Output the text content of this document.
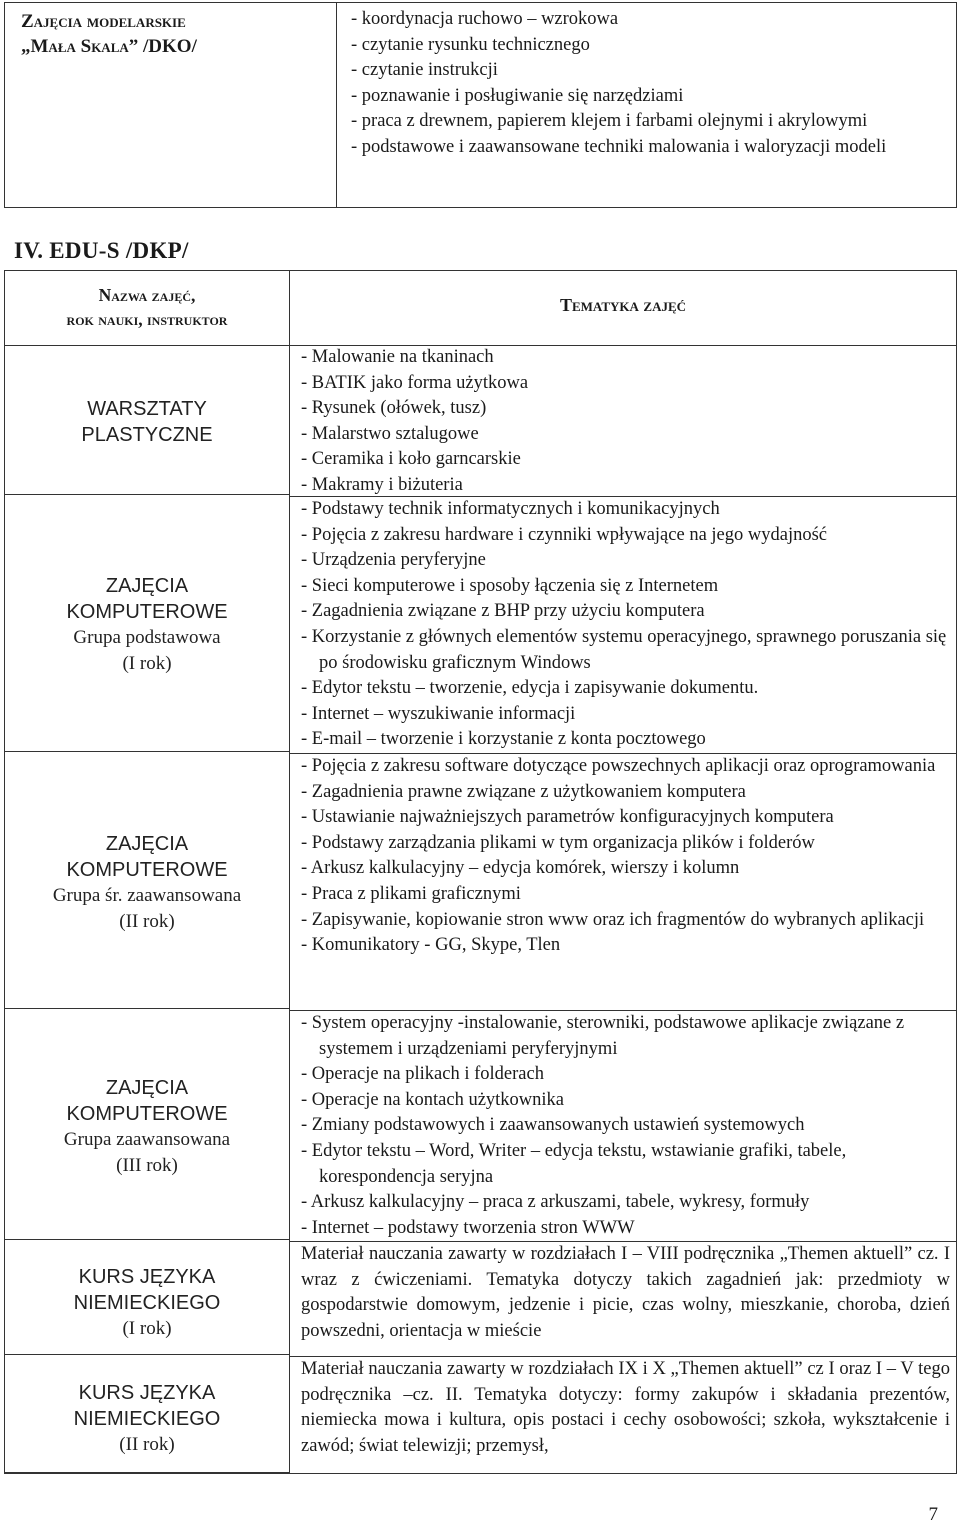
Zajęcia modelarskie
„Mała Skala” /DKO/
- koordynacja ruchowo – wzrokowa
- czytanie rysunku technicznego
- czytanie instrukcji
- poznawanie i posługiwanie się narzędziami
- praca z drewnem, papierem klejem i farbami olejnymi i akrylowymi
- podstawowe i zaawansowane techniki malowania i waloryzacji modeli
IV. EDU-S /DKP/
Nazwa zajęć,
rok nauki, instruktor
Tematyka zajęć
WARSZTATY
PLASTYCZNE
ZAJĘCIA
KOMPUTEROWE
Grupa podstawowa
(I rok)
ZAJĘCIA
KOMPUTEROWE
Grupa śr. zaawansowana
(II rok)
ZAJĘCIA
KOMPUTEROWE
Grupa zaawansowana
(III rok)
KURS JĘZYKA
NIEMIECKIEGO
(I rok)
KURS JĘZYKA
NIEMIECKIEGO
(II rok)
- Malowanie na tkaninach
- BATIK jako forma użytkowa
- Rysunek (ołówek, tusz)
- Malarstwo sztalugowe
- Ceramika i koło garncarskie
- Makramy i biżuteria
- Podstawy technik informatycznych i komunikacyjnych
- Pojęcia z zakresu hardware i czynniki wpływające na jego wydajność
- Urządzenia peryferyjne
- Sieci komputerowe i sposoby łączenia się z Internetem
- Zagadnienia związane z BHP przy użyciu komputera
- Korzystanie z głównych elementów systemu operacyjnego, sprawnego poruszania się po środowisku graficznym Windows
- Edytor tekstu – tworzenie, edycja i zapisywanie dokumentu.
- Internet – wyszukiwanie informacji
- E-mail – tworzenie i korzystanie z konta pocztowego
- Pojęcia z zakresu software dotyczące powszechnych aplikacji oraz oprogramowania
- Zagadnienia prawne związane z użytkowaniem komputera
- Ustawianie najważniejszych parametrów konfiguracyjnych komputera
- Podstawy zarządzania plikami w tym organizacja plików i folderów
- Arkusz kalkulacyjny – edycja komórek, wierszy i kolumn
- Praca z plikami graficznymi
- Zapisywanie, kopiowanie stron www oraz ich fragmentów do wybranych aplikacji
- Komunikatory - GG, Skype, Tlen
- System operacyjny -instalowanie, sterowniki, podstawowe aplikacje związane z systemem i urządzeniami peryferyjnymi
- Operacje na plikach i folderach
- Operacje na kontach użytkownika
- Zmiany podstawowych i zaawansowanych ustawień systemowych
- Edytor tekstu – Word, Writer – edycja tekstu, wstawianie grafiki, tabele, korespondencja seryjna
- Arkusz kalkulacyjny – praca z arkuszami, tabele, wykresy, formuły
- Internet – podstawy tworzenia stron WWW
Materiał nauczania zawarty w rozdziałach I – VIII podręcznika „Themen aktuell” cz. I wraz z ćwiczeniami. Tematyka dotyczy takich zagadnień jak: przedmioty w gospodarstwie domowym, jedzenie i picie, czas wolny, mieszkanie, choroba, dzień powszedni, orientacja w mieście
Materiał nauczania zawarty w rozdziałach IX i X „Themen aktuell” cz I oraz I – V tego podręcznika –cz. II. Tematyka dotyczy: formy zakupów i składania prezentów, niemiecka mowa i kultura, opis postaci i cechy osobowości; szkoła, wykształcenie i zawód; świat telewizji; przemysł,
7
